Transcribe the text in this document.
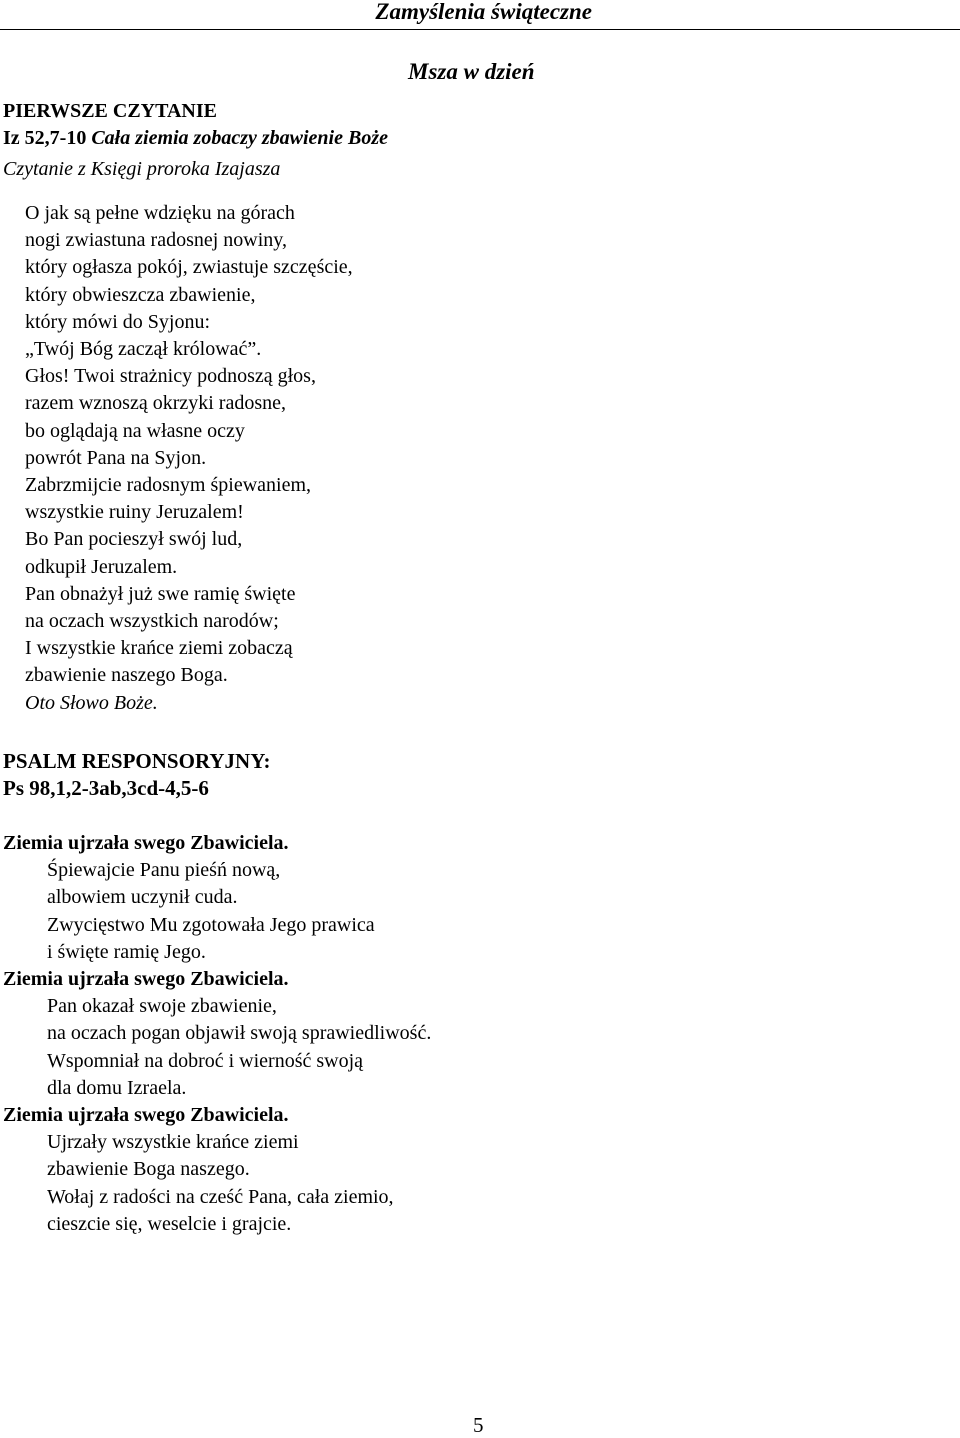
Zamyślenia świąteczne
Msza w dzień
PIERWSZE CZYTANIE
Iz 52,7-10 Cała ziemia zobaczy zbawienie Boże
Czytanie z Księgi proroka Izajasza
O jak są pełne wdzięku na górach
nogi zwiastuna radosnej nowiny,
który ogłasza pokój, zwiastuje szczęście,
który obwieszcza zbawienie,
który mówi do Syjonu:
„Twój Bóg zaczął królować”.
Głos! Twoi strażnicy podnoszą głos,
razem wznoszą okrzyki radosne,
bo oglądają na własne oczy
powrót Pana na Syjon.
Zabrzmijcie radosnym śpiewaniem,
wszystkie ruiny Jeruzalem!
Bo Pan pocieszył swój lud,
odkupił Jeruzalem.
Pan obnażył już swe ramię święte
na oczach wszystkich narodów;
I wszystkie krańce ziemi zobaczą
zbawienie naszego Boga.
Oto Słowo Boże.
PSALM RESPONSORYJNY:
Ps 98,1,2-3ab,3cd-4,5-6
Ziemia ujrzała swego Zbawiciela.
Śpiewajcie Panu pieśń nową,
albowiem uczynił cuda.
Zwycięstwo Mu zgotowała Jego prawica
i święte ramię Jego.
Ziemia ujrzała swego Zbawiciela.
Pan okazał swoje zbawienie,
na oczach pogan objawił swoją sprawiedliwość.
Wspomniał na dobroć i wierność swoją
dla domu Izraela.
Ziemia ujrzała swego Zbawiciela.
Ujrzały wszystkie krańce ziemi
zbawienie Boga naszego.
Wołaj z radości na cześć Pana, cała ziemio,
cieszcie się, weselcie i grajcie.
5
